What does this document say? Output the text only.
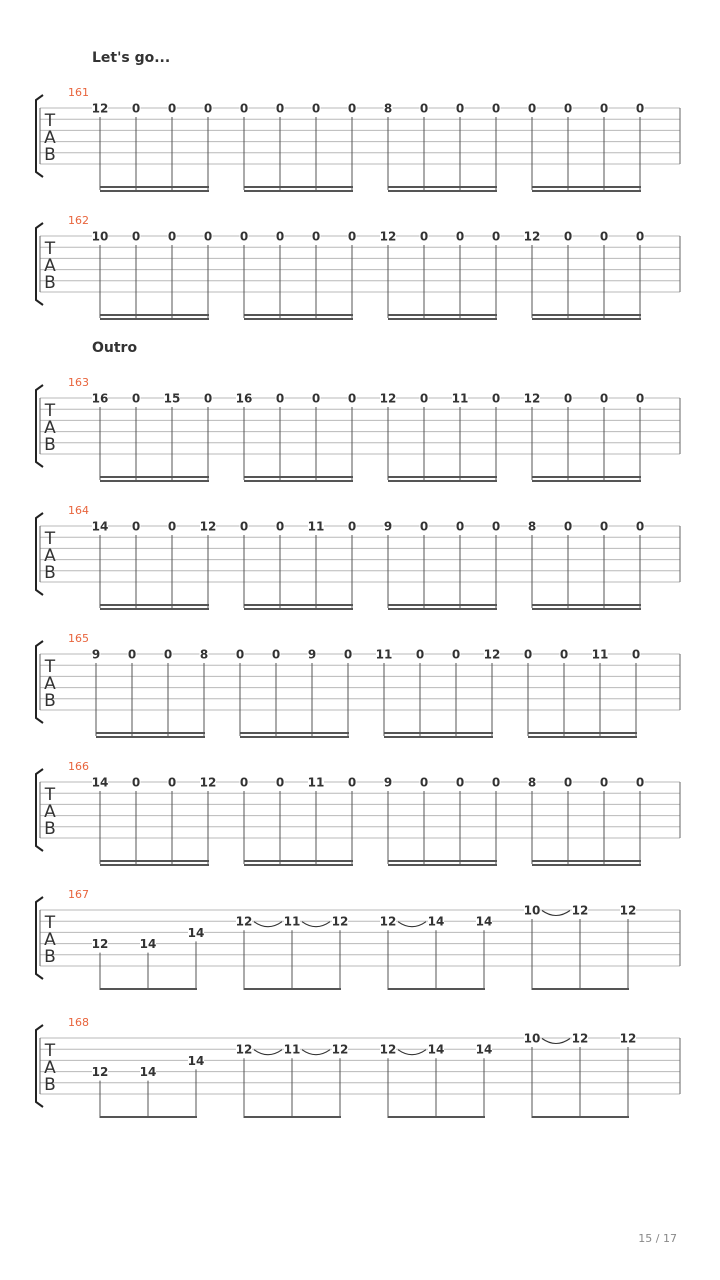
Let's go...
Outro
161
T
A
B
12 0 0 0 0 0 0 0 8 0 0 0 0 0 0 0
162
T
A
B
10 0 0 0 0 0 0 0 12 0 0 0 12 0 0 0
163
T
A
B
16 0 15 0 16 0 0 0 12 0 11 0 12 0 0 0
164
T
A
B
14 0 0 12 0 0 11 0 9 0 0 0 8 0 0 0
165
T
A
B
9 0 0 8 0 0 9 0 11 0 0 12 0 0 11 0
166
T
A
B
14 0 0 12 0 0 11 0 9 0 0 0 8 0 0 0
167
T
A
B
12	14
14
12	11	12	12	14	14
10	12	12
168
T
A
B
12	14
14
12	11	12	12	14	14
10	12	12
15 / 17
